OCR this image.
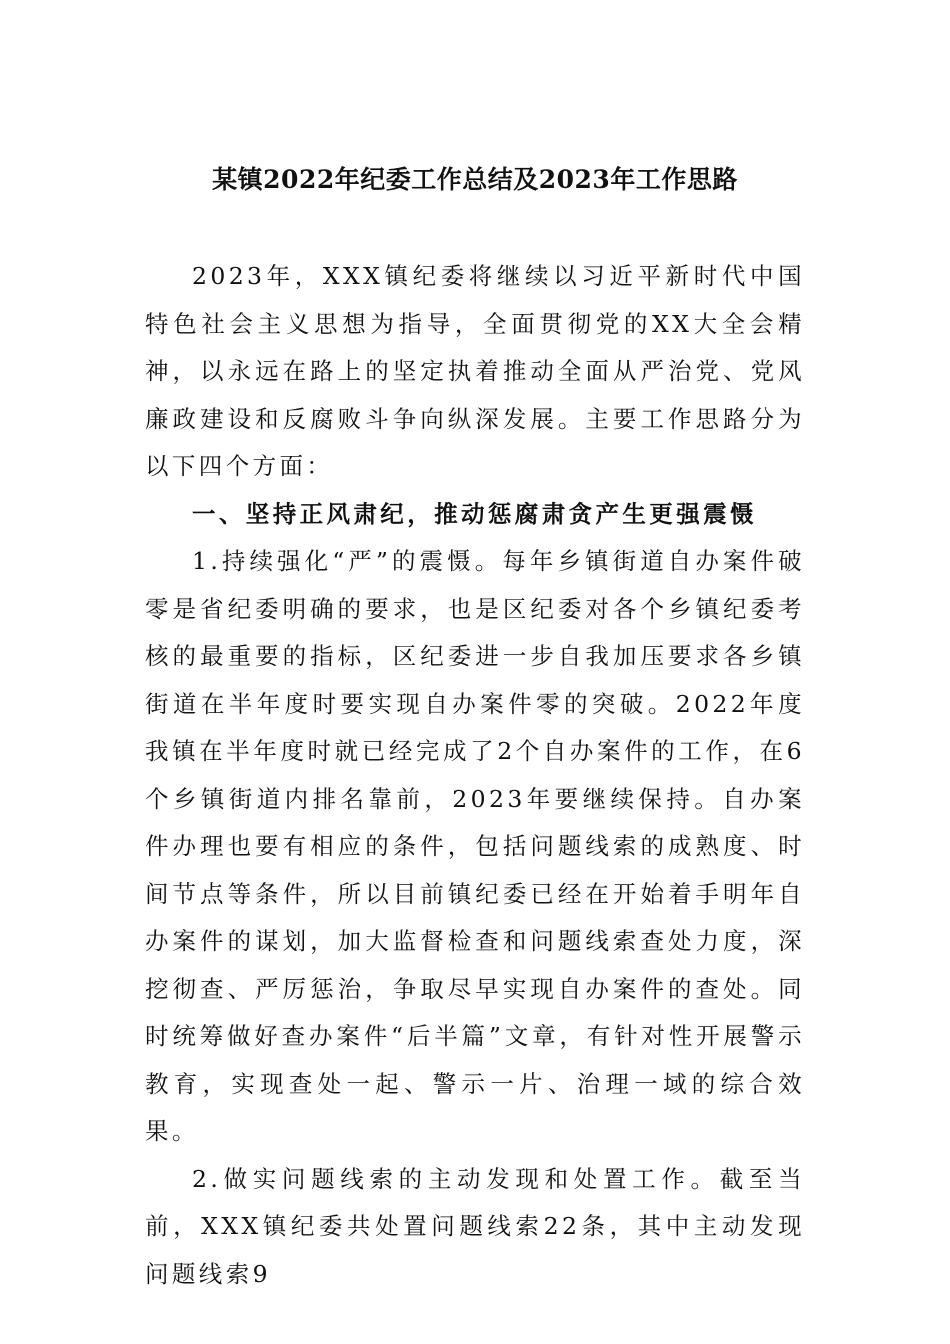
某镇2022年纪委工作总结及2023年工作思路

2023年，XXX镇纪委将继续以习近平新时代中国特色社会主义思想为指导，全面贯彻党的XX大全会精神，以永远在路上的坚定执着推动全面从严治党、党风廉政建设和反腐败斗争向纵深发展。主要工作思路分为以下四个方面：

一、坚持正风肃纪，推动惩腐肃贪产生更强震慑

1.持续强化“严”的震慑。每年乡镇街道自办案件破零是省纪委明确的要求，也是区纪委对各个乡镇纪委考核的最重要的指标，区纪委进一步自我加压要求各乡镇街道在半年度时要实现自办案件零的突破。2022年度我镇在半年度时就已经完成了2个自办案件的工作，在6个乡镇街道内排名靠前，2023年要继续保持。自办案件办理也要有相应的条件，包括问题线索的成熟度、时间节点等条件，所以目前镇纪委已经在开始着手明年自办案件的谋划，加大监督检查和问题线索查处力度，深挖彻查、严厉惩治，争取尽早实现自办案件的查处。同时统筹做好查办案件“后半篇”文章，有针对性开展警示教育，实现查处一起、警示一片、治理一域的综合效果。

2.做实问题线索的主动发现和处置工作。截至当前，XXX镇纪委共处置问题线索22条，其中主动发现问题线索9
